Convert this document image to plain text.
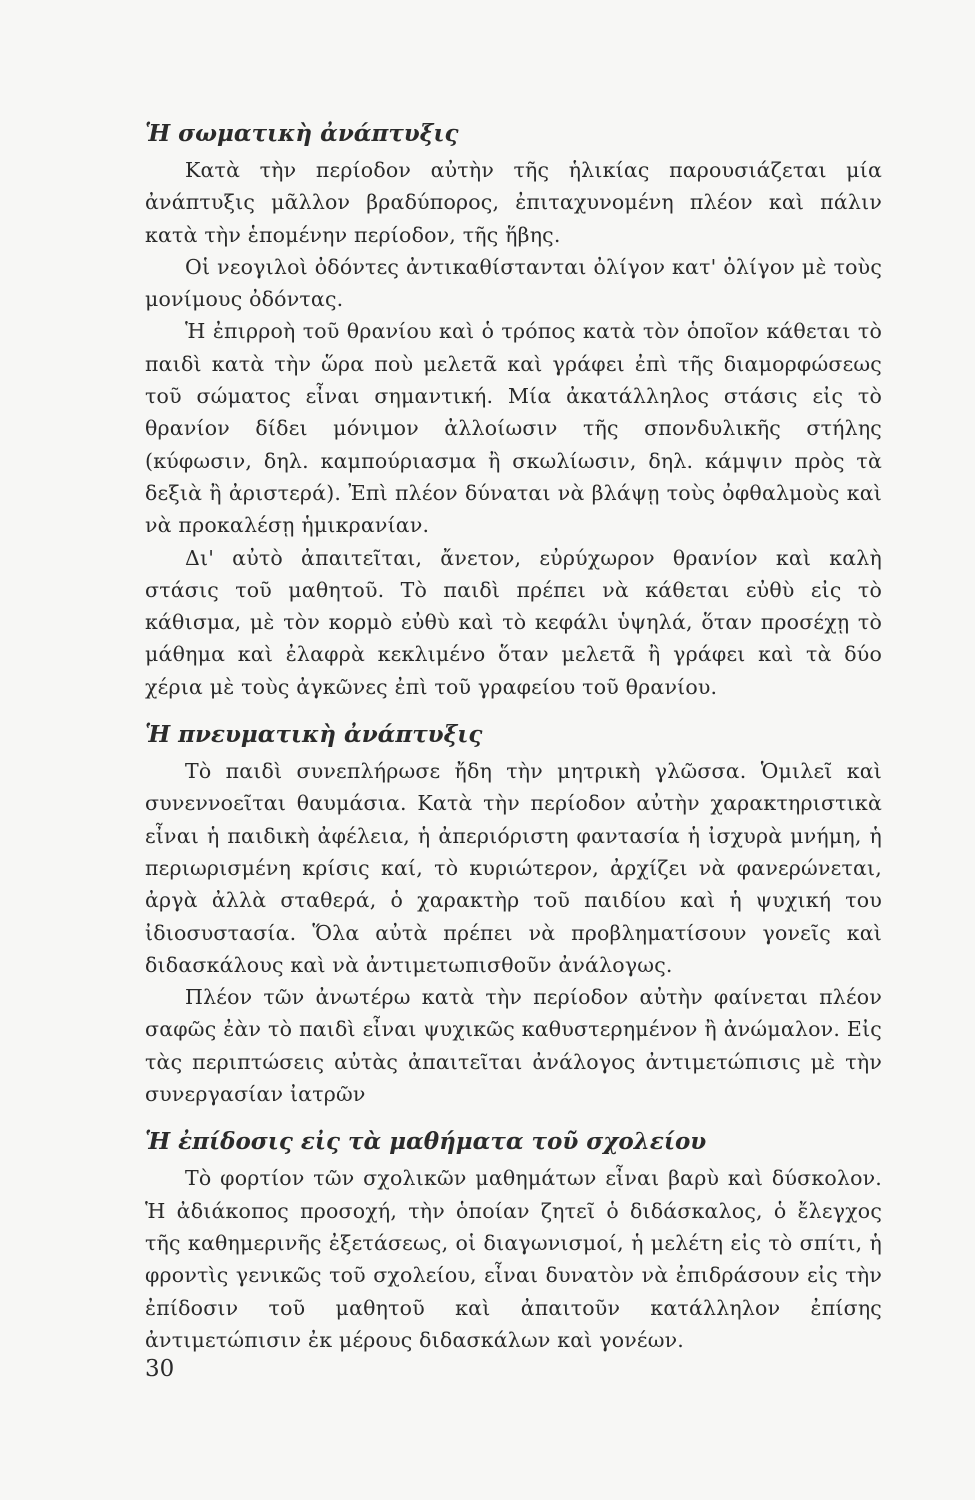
Ἡ σωματικὴ ἀνάπτυξις

Κατὰ τὴν περίοδον αὐτὴν τῆς ἡλικίας παρουσιάζεται μία ἀνάπτυξις μᾶλλον βραδύπορος, ἐπιταχυνομένη πλέον καὶ πάλιν κατὰ τὴν ἑπομένην περίοδον, τῆς ἥβης.

Οἱ νεογιλοὶ ὀδόντες ἀντικαθίστανται ὀλίγον κατ' ὀλίγον μὲ τοὺς μονίμους ὀδόντας.

Ἡ ἐπιρροὴ τοῦ θρανίου καὶ ὁ τρόπος κατὰ τὸν ὁποῖον κάθεται τὸ παιδὶ κατὰ τὴν ὥρα ποὺ μελετᾶ καὶ γράφει ἐπὶ τῆς διαμορφώσεως τοῦ σώματος εἶναι σημαντική. Μία ἀκατάλληλος στάσις εἰς τὸ θρανίον δίδει μόνιμον ἀλλοίωσιν τῆς σπονδυλικῆς στήλης (κύφωσιν, δηλ. καμπούριασμα ἢ σκωλίωσιν, δηλ. κάμψιν πρὸς τὰ δεξιὰ ἢ ἀριστερά). Ἐπὶ πλέον δύναται νὰ βλάψῃ τοὺς ὀφθαλμοὺς καὶ νὰ προκαλέσῃ ἡμικρανίαν.

Δι' αὐτὸ ἀπαιτεῖται, ἄνετον, εὐρύχωρον θρανίον καὶ καλὴ στάσις τοῦ μαθητοῦ. Τὸ παιδὶ πρέπει νὰ κάθεται εὐθὺ εἰς τὸ κάθισμα, μὲ τὸν κορμὸ εὐθὺ καὶ τὸ κεφάλι ὑψηλά, ὅταν προσέχῃ τὸ μάθημα καὶ ἐλαφρὰ κεκλιμένο ὅταν μελετᾶ ἢ γράφει καὶ τὰ δύο χέρια μὲ τοὺς ἀγκῶνες ἐπὶ τοῦ γραφείου τοῦ θρανίου.

Ἡ πνευματικὴ ἀνάπτυξις

Τὸ παιδὶ συνεπλήρωσε ἤδη τὴν μητρικὴ γλῶσσα. Ὁμιλεῖ καὶ συνεννοεῖται θαυμάσια. Κατὰ τὴν περίοδον αὐτὴν χαρακτηριστικὰ εἶναι ἡ παιδικὴ ἀφέλεια, ἡ ἀπεριόριστη φαντασία ἡ ἰσχυρὰ μνήμη, ἡ περιωρισμένη κρίσις καί, τὸ κυριώτερον, ἀρχίζει νὰ φανερώνεται, ἀργὰ ἀλλὰ σταθερά, ὁ χαρακτὴρ τοῦ παιδίου καὶ ἡ ψυχική του ἰδιοσυστασία. Ὅλα αὐτὰ πρέπει νὰ προβληματίσουν γονεῖς καὶ διδασκάλους καὶ νὰ ἀντιμετωπισθοῦν ἀνάλογως.

Πλέον τῶν ἀνωτέρω κατὰ τὴν περίοδον αὐτὴν φαίνεται πλέον σαφῶς ἐὰν τὸ παιδὶ εἶναι ψυχικῶς καθυστερημένον ἢ ἀνώμαλον. Εἰς τὰς περιπτώσεις αὐτὰς ἀπαιτεῖται ἀνάλογος ἀντιμετώπισις μὲ τὴν συνεργασίαν ἰατρῶν

Ἡ ἐπίδοσις εἰς τὰ μαθήματα τοῦ σχολείου

Τὸ φορτίον τῶν σχολικῶν μαθημάτων εἶναι βαρὺ καὶ δύσκολον. Ἡ ἀδιάκοπος προσοχή, τὴν ὁποίαν ζητεῖ ὁ διδάσκαλος, ὁ ἔλεγχος τῆς καθημερινῆς ἐξετάσεως, οἱ διαγωνισμοί, ἡ μελέτη εἰς τὸ σπίτι, ἡ φροντὶς γενικῶς τοῦ σχολείου, εἶναι δυνατὸν νὰ ἐπιδράσουν εἰς τὴν ἐπίδοσιν τοῦ μαθητοῦ καὶ ἀπαιτοῦν κατάλληλον ἐπίσης ἀντιμετώπισιν ἐκ μέρους διδασκάλων καὶ γονέων.

30
